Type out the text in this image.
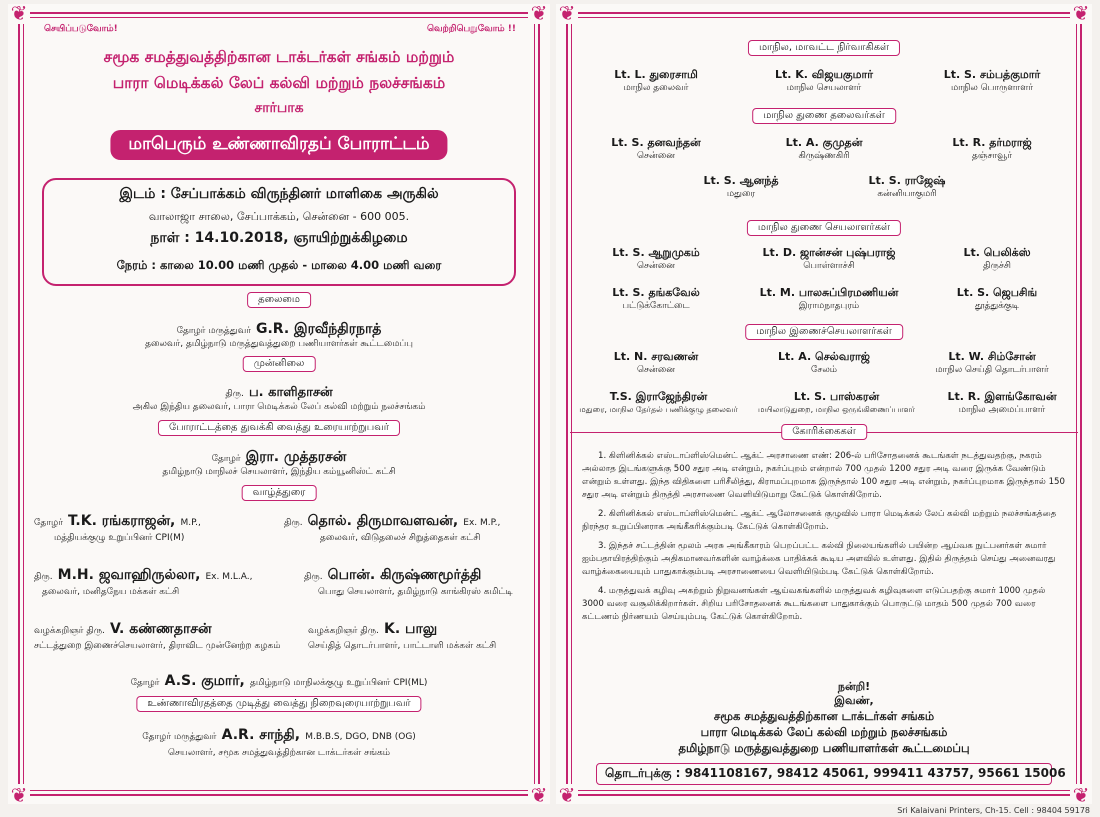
❦	❦
❦	❦
செயிப்படுவோம்!	வெற்றிபெறுவோம் !!
சமூக சமத்துவத்திற்கான டாக்டர்கள் சங்கம் மற்றும்
பாரா மெடிக்கல் லேப் கல்வி மற்றும் நலச்சங்கம்
சார்பாக
மாபெரும் உண்ணாவிரதப் போராட்டம்
இடம் : சேப்பாக்கம் விருந்தினர் மாளிகை அருகில்
வாலாஜா சாலை, சேப்பாக்கம், சென்னை - 600 005.
நாள் : 14.10.2018, ஞாயிற்றுக்கிழமை
நேரம் : காலை 10.00 மணி முதல் - மாலை 4.00 மணி வரை
தலைமை
தோழர் மருத்துவர் G.R. இரவீந்திரநாத்
தலைவர், தமிழ்நாடு மருத்துவத்துறை பணியாளர்கள் கூட்டமைப்பு
முன்னிலை
திரு. ப. காளிதாசன்
அகில இந்திய தலைவர், பாரா மெடிக்கல் லேப் கல்வி மற்றும் நலச்சங்கம்
போராட்டத்தை துவக்கி வைத்து உரையாற்றுபவர்
தோழர் இரா. முத்தரசன்
தமிழ்நாடு மாநிலச் செயலாளர், இந்திய கம்யூனிஸ்ட் கட்சி
வாழ்த்துரை
தோழர் T.K. ரங்கராஜன், M.P.,
மத்தியக்குழு உறுப்பினர் CPI(M)
திரு. தொல். திருமாவளவன், Ex. M.P.,
தலைவர், விடுதலைச் சிறுத்தைகள் கட்சி
திரு. M.H. ஜவாஹிருல்லா, Ex. M.L.A.,
தலைவர், மனிதநேய மக்கள் கட்சி
திரு. பொன். கிருஷ்ணமூர்த்தி
பொது செயலாளர், தமிழ்நாடு காங்கிரஸ் கமிட்டி
வழக்கறிஞர் திரு. V. கண்ணதாசன்
சட்டத்துறை இணைச்செயலாளர், திராவிட முன்னேற்ற கழகம்
வழக்கறிஞர் திரு. K. பாலு
செய்தித் தொடர்பாளர், பாட்டாளி மக்கள் கட்சி
தோழர் A.S. குமார், தமிழ்நாடு மாநிலக்குழு உறுப்பினர் CPI(ML)
உண்ணாவிரதத்தை முடித்து வைத்து நிறைவுரையாற்றுபவர்
தோழர் மருத்துவர் A.R. சாந்தி, M.B.B.S, DGO, DNB (OG)
செயலாளர், சமூக சமத்துவத்திற்கான டாக்டர்கள் சங்கம்
❦	❦
❦	❦
மாநில, மாவட்ட நிர்வாகிகள்
Lt. L. துரைசாமி
மாநில தலைவர்
Lt. K. விஜயகுமார்
மாநில செயலாளர்
Lt. S. சம்பத்குமார்
மாநில பொருளாளர்
மாநில துணை தலைவர்கள்
Lt. S. தனவந்தன்
சென்னை
Lt. A. குமுதன்
கிருஷ்ணகிரி
Lt. R. தர்மராஜ்
தஞ்சாவூர்
Lt. S. ஆனந்த்
மதுரை
Lt. S. ராஜேஷ்
கன்னியாகுமரி
மாநில துணை செயலாளர்கள்
Lt. S. ஆறுமுகம்
சென்னை
Lt. D. ஜான்சன் புஷ்பராஜ்
பொள்ளாச்சி
Lt. பெலிக்ஸ்
திருச்சி
Lt. S. தங்கவேல்
பட்டுக்கோட்டை
Lt. M. பாலசுப்பிரமணியன்
இராமநாதபுரம்
Lt. S. ஜெபசிங்
தூத்துக்குடி
மாநில இணைச்செயலாளர்கள்
Lt. N. சரவணன்
சென்னை
Lt. A. செல்வராஜ்
சேலம்
Lt. W. சிம்சோன்
மாநில செய்தி தொடர்பாளர்
T.S. இராஜேந்திரன்
மதுரை, மாநில தேர்தல் பணிக்குழு தலைவர்
Lt. S. பாஸ்கரன்
மயிலாடுதுறை, மாநில ஒருங்கிணைப்பாளர்
Lt. R. இளங்கோவன்
மாநில அமைப்பாளர்
கோரிக்கைகள்

1. கிளினிக்கல் எஸ்டாப்ளிஸ்மென்ட் ஆக்ட் அரசாணை எண்: 206-ல் பரிசோதனைக் கூடங்கள் நடத்துவதற்கு, நகரம் அல்லாத இடங்களுக்கு 500 சதுர அடி என்றும், நகர்ப்புறம் என்றால் 700 முதல் 1200 சதுர அடி வரை இருக்க வேண்டும் என்றும் உள்ளது. இந்த விதிகளை பரிசீலித்து, கிராமப்புறமாக இருந்தால் 100 சதுர அடி என்றும், நகர்ப்புறமாக இருந்தால் 150 சதுர அடி என்றும் திருத்தி அரசாணை வெளியிடுமாறு கேட்டுக் கொள்கிறோம்.

2. கிளினிக்கல் எஸ்டாப்ளிஸ்மென்ட் ஆக்ட் ஆலோசனைக் குழுவில் பாரா மெடிக்கல் லேப் கல்வி மற்றும் நலச்சங்கத்தை நிரந்தர உறுப்பினராக அங்கீகரிக்கும்படி கேட்டுக் கொள்கிறோம்.

3. இந்தச் சட்டத்தின் மூலம் அரசு அங்கீகாரம் பெறப்பட்ட கல்வி நிலையங்களில் பயின்ற ஆய்வக நுட்பனர்கள் சுமார் ஐம்பதாயிரத்திற்கும் அதிகமானவர்களின் வாழ்க்கை பாதிக்கக் கூடிய அளவில் உள்ளது. இதில் திருத்தம் செய்து அனைவரது வாழ்க்கையையும் பாதுகாக்கும்படி அரசாணையை வெளியிடும்படி கேட்டுக் கொள்கிறோம்.

4. மருத்துவக் கழிவு அகற்றும் நிறுவனங்கள் ஆய்வகங்களில் மருத்துவக் கழிவுகளை எடுப்பதற்கு சுமார் 1000 முதல் 3000 வரை வசூலிக்கிறார்கள். சிறிய பரிசோதனைக் கூடங்களை பாதுகாக்கும் பொருட்டு மாதம் 500 முதல் 700 வரை கட்டணம் நிர்ணயம் செய்யும்படி கேட்டுக் கொள்கிறோம்.

நன்றி!
இவண்,
சமூக சமத்துவத்திற்கான டாக்டர்கள் சங்கம்
பாரா மெடிக்கல் லேப் கல்வி மற்றும் நலச்சங்கம்
தமிழ்நாடு மருத்துவத்துறை பணியாளர்கள் கூட்டமைப்பு
தொடர்புக்கு : 9841108167, 98412 45061, 999411 43757, 95661 15006
Sri Kalaivani Printers, Ch-15. Cell : 98404 59178
